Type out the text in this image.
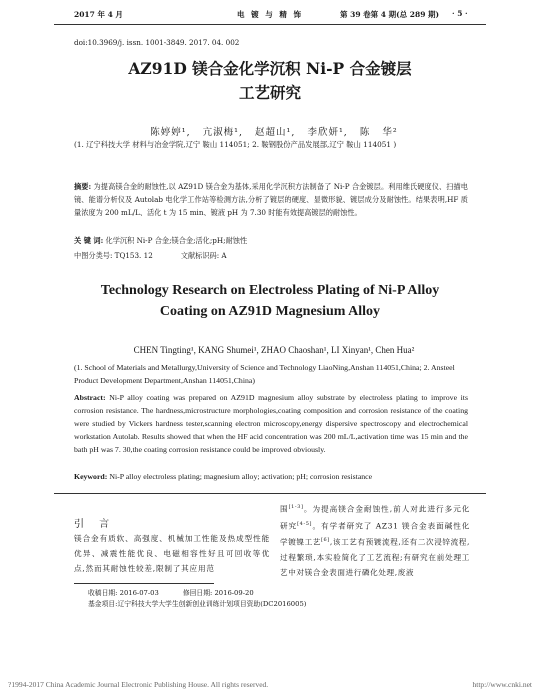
2017 年 4 月	电 镀 与 精 饰	第 39 卷第 4 期(总 289 期) · 5 ·
doi:10.3969/j. issn. 1001-3849. 2017. 04. 002
AZ91D 镁合金化学沉积 Ni-P 合金镀层
工艺研究
陈婷婷¹,   亢淑梅¹,   赵超山¹,   李欣妍¹,   陈   华²
(1. 辽宁科技大学 材料与冶金学院,辽宁 鞍山 114051; 2. 鞍钢股份产品发展部,辽宁 鞍山 114051 )
摘要: 为提高镁合金的耐蚀性,以 AZ91D 镁合金为基体,采用化学沉积方法制备了 Ni-P 合金镀层。利用维氏硬度仪、扫描电镜、能谱分析仪及 Autolab 电化学工作站等检测方法,分析了镀层的硬度、显微形貌、镀层成分及耐蚀性。结果表明,HF 质量浓度为 200 mL/L、活化 t 为 15 min、镀液 pH 为 7.30 时能有效提高镀层的耐蚀性。
关 键 词: 化学沉积 Ni-P 合金;镁合金;活化;pH;耐蚀性
中图分类号: TQ153. 12	文献标识码: A
Technology Research on Electroless Plating of Ni-P Alloy
Coating on AZ91D Magnesium Alloy
CHEN Tingting¹, KANG Shumei¹, ZHAO Chaoshan¹, LI Xinyan¹, Chen Hua²
(1. School of Materials and Metallurgy,University of Science and Technology LiaoNing,Anshan 114051,China; 2. Ansteel Product Development Department,Anshan 114051,China)
Abstract: Ni-P alloy coating was prepared on AZ91D magnesium alloy substrate by electroless plating to improve its corrosion resistance. The hardness,microstructure morphologies,coating composition and corrosion resistance of the coating were studied by Vickers hardness tester,scanning electron microscopy,energy dispersive spectroscopy and electrochemical workstation Autolab. Results showed that when the HF acid concentration was 200 mL/L,activation time was 15 min and the bath pH was 7. 30,the coating corrosion resistance could be improved obviously.
Keyword: Ni-P alloy electroless plating; magnesium alloy; activation; pH; corrosion resistance
引 言
镁合金有质软、高强度、机械加工性能及热成型性能优异、减震性能优良、电磁相容性好且可回收等优点,然而其耐蚀性较差,限制了其应用范
围[1-3]。为提高镁合金耐蚀性,前人对此进行多元化研究[4-5]。有学者研究了 AZ31 镁合金表面碱性化学镀镍工艺[6],该工艺有预镀流程,还有二次浸锌流程,过程繁琐,本实验简化了工艺流程;有研究在前处理工艺中对镁合金表面进行磷化处理,废液
收稿日期: 2016-07-03	修回日期: 2016-09-20
基金项目:辽宁科技大学大学生创新创业训练计划项目资助(DC2016005)
?1994-2017 China Academic Journal Electronic Publishing House. All rights reserved.	http://www.cnki.net
